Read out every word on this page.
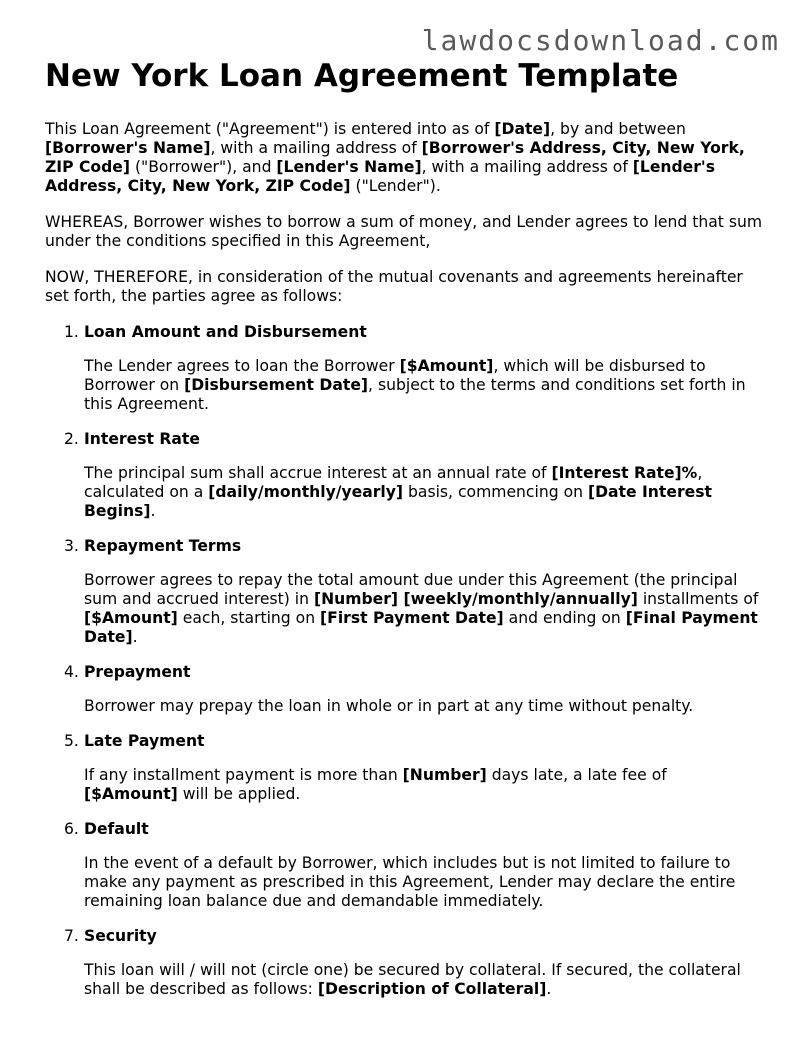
lawdocsdownload.com
New York Loan Agreement Template

This Loan Agreement ("Agreement") is entered into as of [Date], by and between [Borrower's Name], with a mailing address of [Borrower's Address, City, New York, ZIP Code] ("Borrower"), and [Lender's Name], with a mailing address of [Lender's Address, City, New York, ZIP Code] ("Lender").

WHEREAS, Borrower wishes to borrow a sum of money, and Lender agrees to lend that sum under the conditions specified in this Agreement,

NOW, THEREFORE, in consideration of the mutual covenants and agreements hereinafter set forth, the parties agree as follows:

1. Loan Amount and Disbursement

The Lender agrees to loan the Borrower [$Amount], which will be disbursed to Borrower on [Disbursement Date], subject to the terms and conditions set forth in this Agreement.

2. Interest Rate

The principal sum shall accrue interest at an annual rate of [Interest Rate]%, calculated on a [daily/monthly/yearly] basis, commencing on [Date Interest Begins].

3. Repayment Terms

Borrower agrees to repay the total amount due under this Agreement (the principal sum and accrued interest) in [Number] [weekly/monthly/annually] installments of [$Amount] each, starting on [First Payment Date] and ending on [Final Payment Date].

4. Prepayment

Borrower may prepay the loan in whole or in part at any time without penalty.

5. Late Payment

If any installment payment is more than [Number] days late, a late fee of [$Amount] will be applied.

6. Default

In the event of a default by Borrower, which includes but is not limited to failure to make any payment as prescribed in this Agreement, Lender may declare the entire remaining loan balance due and demandable immediately.

7. Security

This loan will / will not (circle one) be secured by collateral. If secured, the collateral shall be described as follows: [Description of Collateral].
